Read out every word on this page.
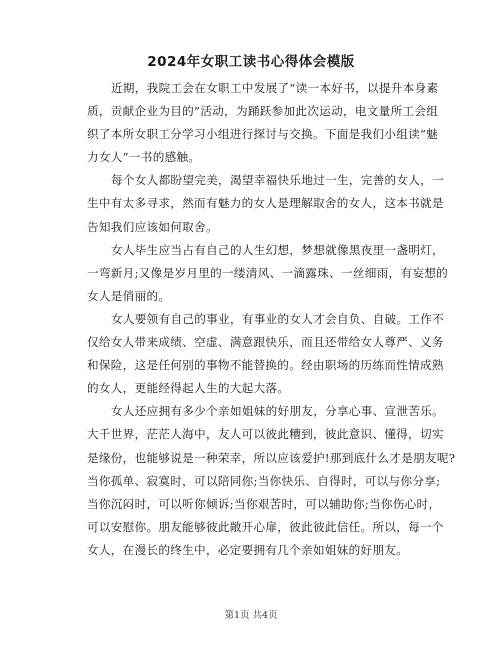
2024年女职工读书心得体会模版
近期，我院工会在女职工中发展了“读一本好书，以提升本身素
质，贡献企业为目的”活动，为踊跃参加此次运动，电文量所工会组
织了本所女职工分学习小组进行探讨与交换。下面是我们小组读“魅
力女人”一书的感触。
每个女人都盼望完美，渴望幸福快乐地过一生，完善的女人，一
生中有太多寻求，然而有魅力的女人是理解取舍的女人，这本书就是
告知我们应该如何取舍。
女人毕生应当占有自己的人生幻想，梦想就像黑夜里一盏明灯，
一弯新月;又像是岁月里的一缕清风、一滴露珠、一丝细雨，有妄想的
女人是俏丽的。
女人要领有自己的事业，有事业的女人才会自负、自破。工作不
仅给女人带来成绩、空虚、满意跟快乐，而且还带给女人尊严、义务
和保险，这是任何别的事物不能替换的。经由职场的历练而性情成熟
的女人，更能经得起人生的大起大落。
女人还应拥有多少个亲如姐妹的好朋友，分享心事、宣泄苦乐。
大千世界，茫茫人海中，友人可以彼此糟到，彼此意识、懂得，切实
是缘份，也能够说是一种荣幸，所以应该爱护!那到底什么才是朋友呢?
当你孤单、寂寞时，可以陪同你;当你快乐、自得时，可以与你分享;
当你沉闷时，可以听你倾诉;当你艰苦时，可以辅助你;当你伤心时，
可以安慰你。朋友能够彼此敞开心扉，彼此彼此信任。所以，每一个
女人，在漫长的终生中，必定要拥有几个亲如姐妹的好朋友。
第1页 共4页
